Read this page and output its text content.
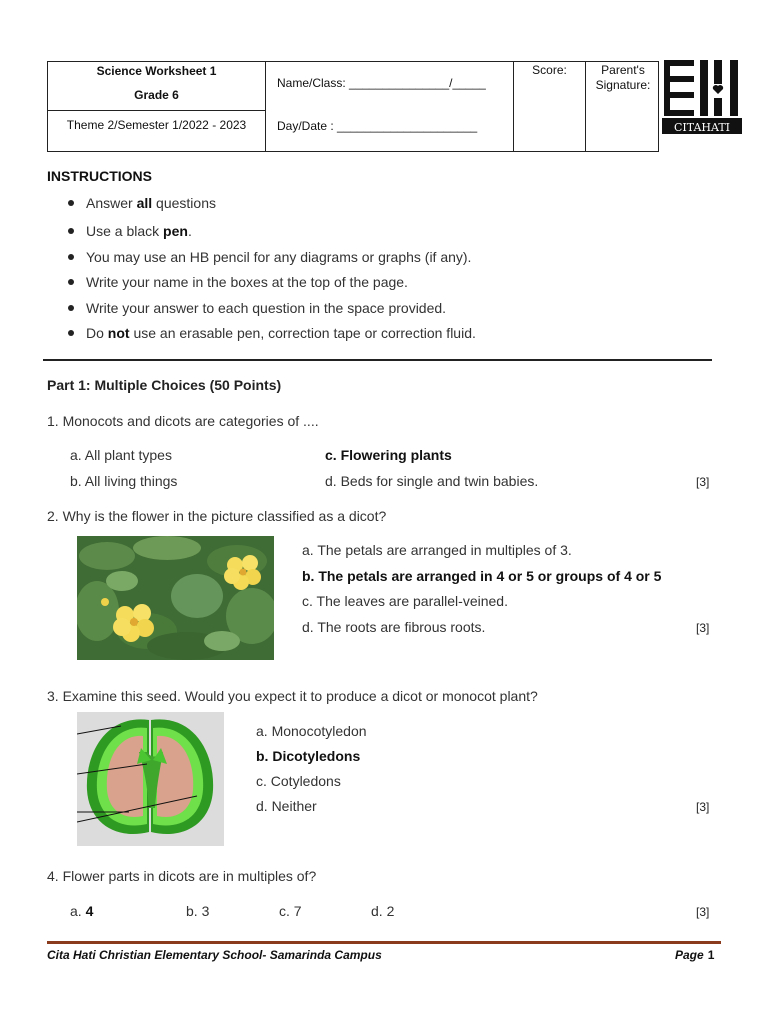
Science Worksheet 1
Grade 6
Theme 2/Semester 1/2022 - 2023
Name/Class: _______________/_____
Day/Date : _____________________
Score:	Parent's
Signature:
CITAHATI
INSTRUCTIONS
Answer all questions
Use a black pen.
You may use an HB pencil for any diagrams or graphs (if any).
Write your name in the boxes at the top of the page.
Write your answer to each question in the space provided.
Do not use an erasable pen, correction tape or correction fluid.
Part 1: Multiple Choices (50 Points)
1. Monocots and dicots are categories of ....
a. All plant types
b. All living things
c. Flowering plants
d. Beds for single and twin babies.	[3]
2. Why is the flower in the picture classified as a dicot?
a. The petals are arranged in multiples of 3.
b. The petals are arranged in 4 or 5 or groups of 4 or 5
c. The leaves are parallel-veined.
d. The roots are fibrous roots.	[3]
3. Examine this seed. Would you expect it to produce a dicot or monocot plant?
a. Monocotyledon
b. Dicotyledons
c. Cotyledons
d. Neither	[3]
4. Flower parts in dicots are in multiples of?
a. 4	b. 3	c. 7	d. 2	[3]
Cita Hati Christian Elementary School- Samarinda Campus	Page 1
